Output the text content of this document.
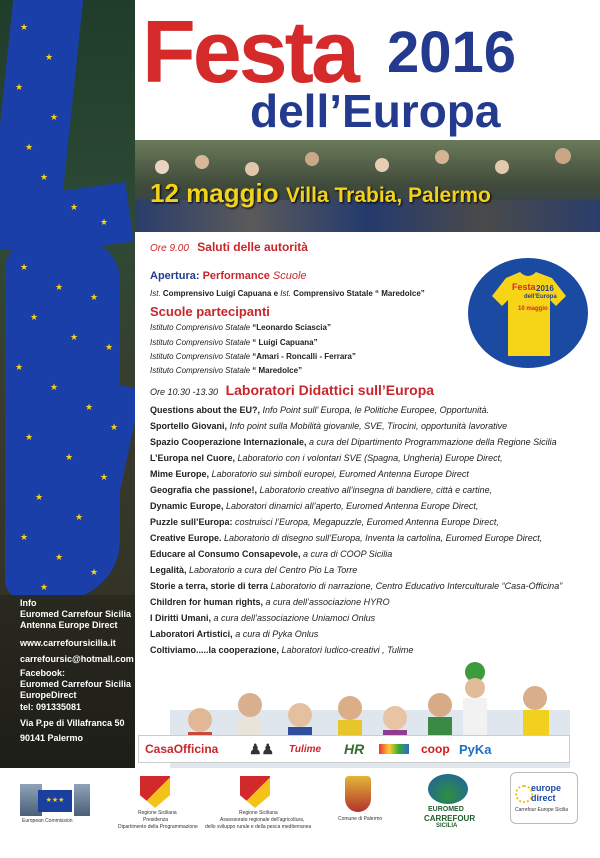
★
★
★
★
★
★
★
★
★
★
★
★
★
★
★
★
★
★
★
★
★
★
★
★
★
★
★
Info
Euromed Carrefour Sicilia
Antenna Europe Direct
www.carrefoursicilia.it
carrefoursic@hotmall.com
Facebook:
Euromed Carrefour Sicilia
EuropeDirect
tel: 091335081
Via P.pe di Villafranca 50
90141 Palermo
Festa 2016
dell’Europa
12 maggio Villa Trabia, Palermo
Festa 2016
dell’Europa
10 maggio
Ore 9.00 Saluti delle autorità
Apertura: Performance Scuole
Ist. Comprensivo Luigi Capuana e Ist. Comprensivo Statale “ Maredolce”
Scuole partecipanti
Istituto Comprensivo Statale “Leonardo Sciascia”
Istituto Comprensivo Statale “ Luigi Capuana”
Istituto Comprensivo Statale “Amari - Roncalli - Ferrara”
Istituto Comprensivo Statale “ Maredolce”
Ore 10.30 -13.30 Laboratori Didattici sull’Europa
Questions about the EU?, Info Point sull’ Europa, le Politiche Europee, Opportunità.
Sportello Giovani, Info point sulla Mobilità giovanile, SVE, Tirocini, opportunità lavorative
Spazio Cooperazione Internazionale, a cura del Dipartimento Programmazione della Regione Sicilia
L’Europa nel Cuore, Laboratorio con i volontari SVE (Spagna, Ungheria) Europe Direct,
Mime Europe, Laboratorio sui simboli europei, Euromed Antenna Europe Direct
Geografia che passione!, Laboratorio creativo all’insegna di bandiere, città e cartine,
Dynamic Europe, Laboratori dinamici all’aperto, Euromed Antenna Europe Direct,
Puzzle sull’Europa: costruisci l’Europa, Megapuzzle, Euromed Antenna Europe Direct,
Creative Europe. Laboratorio di disegno sull’Europa, Inventa la cartolina, Euromed Europe Direct,
Educare al Consumo Consapevole, a cura di COOP Sicilia
Legalità, Laboratorio a cura del Centro Pio La Torre
Storie a terra, storie di terra Laboratorio di narrazione, Centro Educativo Interculturale “Casa-Officina”
Children for human rights, a cura dell’associazione HYRO
I Diritti Umani, a cura dell’associazione Uniamoci Onlus
Laboratori Artistici, a cura di Pyka Onlus
Coltiviamo.....la cooperazione, Laboratori ludico-creativi , Tulime
CasaOfficina ♟♟ Tulime HR	coop PyKa
★★★
European Commission
Regione Siciliana
Presidenza
Dipartimento della Programmazione
Regione Siciliana
Assessorato regionale dell'agricoltura,
dello sviluppo rurale e della pesca mediterranea
Comune di Palermo
EUROMED
CARREFOUR
SICILIA
europe
direct
Carrefour Europe Sicilia
